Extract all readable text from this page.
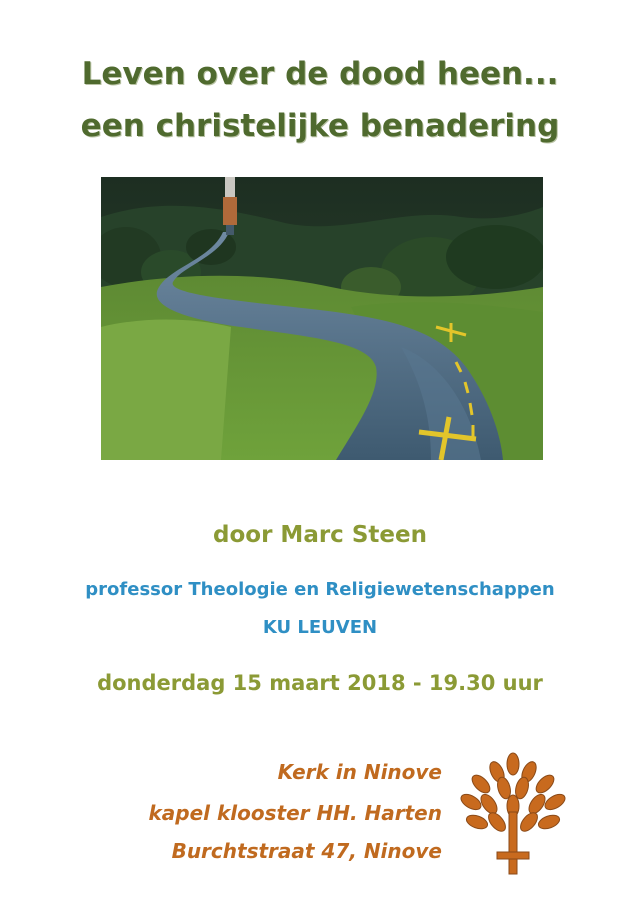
Leven over de dood heen...
een christelijke benadering

door Marc Steen

professor Theologie en Religiewetenschappen

KU LEUVEN

donderdag 15 maart 2018 - 19.30 uur

Kerk in Ninove

kapel klooster HH. Harten

Burchtstraat 47, Ninove
